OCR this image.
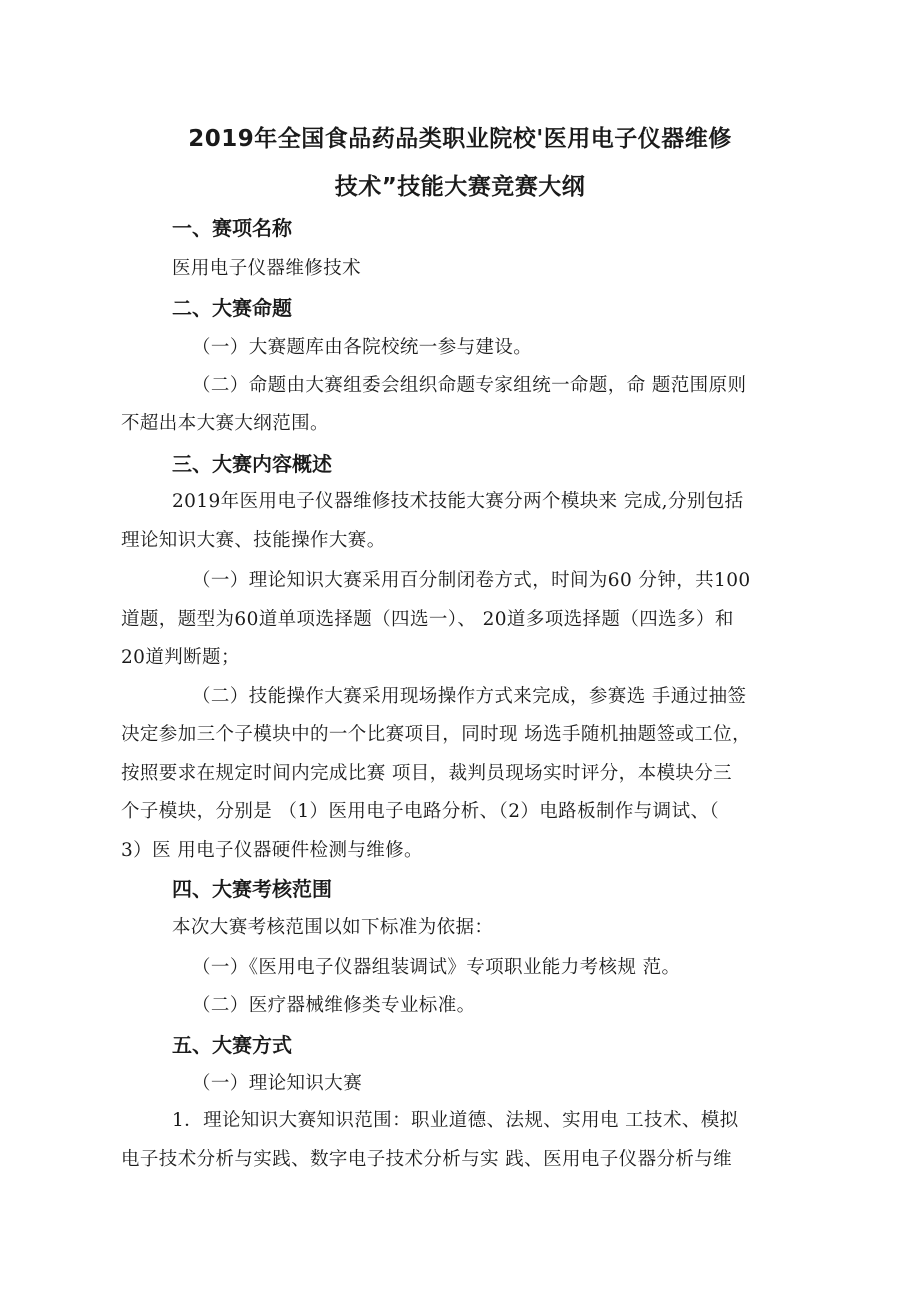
2019年全国食品药品类职业院校'医用电子仪器维修
技术”技能大赛竞赛大纲
一、赛项名称
医用电子仪器维修技术
二、大赛命题
（一）大赛题库由各院校统一参与建设。
（二）命题由大赛组委会组织命题专家组统一命题，命 题范围原则
不超出本大赛大纲范围。
三、大赛内容概述
2019年医用电子仪器维修技术技能大赛分两个模块来 完成,分别包括
理论知识大赛、技能操作大赛。
（一）理论知识大赛采用百分制闭卷方式，时间为60 分钟，共100
道题，题型为60道单项选择题（四选一）、 20道多项选择题（四选多）和
20道判断题；
（二）技能操作大赛采用现场操作方式来完成，参赛选 手通过抽签
决定参加三个子模块中的一个比赛项目，同时现 场选手随机抽题签或工位，
按照要求在规定时间内完成比赛 项目，裁判员现场实时评分，本模块分三
个子模块，分别是 （1）医用电子电路分析、（2）电路板制作与调试、（
3）医 用电子仪器硬件检测与维修。
四、大赛考核范围
本次大赛考核范围以如下标准为依据：
（一）《医用电子仪器组装调试》专项职业能力考核规 范。
（二）医疗器械维修类专业标准。
五、大赛方式
（一）理论知识大赛
1．理论知识大赛知识范围：职业道德、法规、实用电 工技术、模拟
电子技术分析与实践、数字电子技术分析与实 践、医用电子仪器分析与维
